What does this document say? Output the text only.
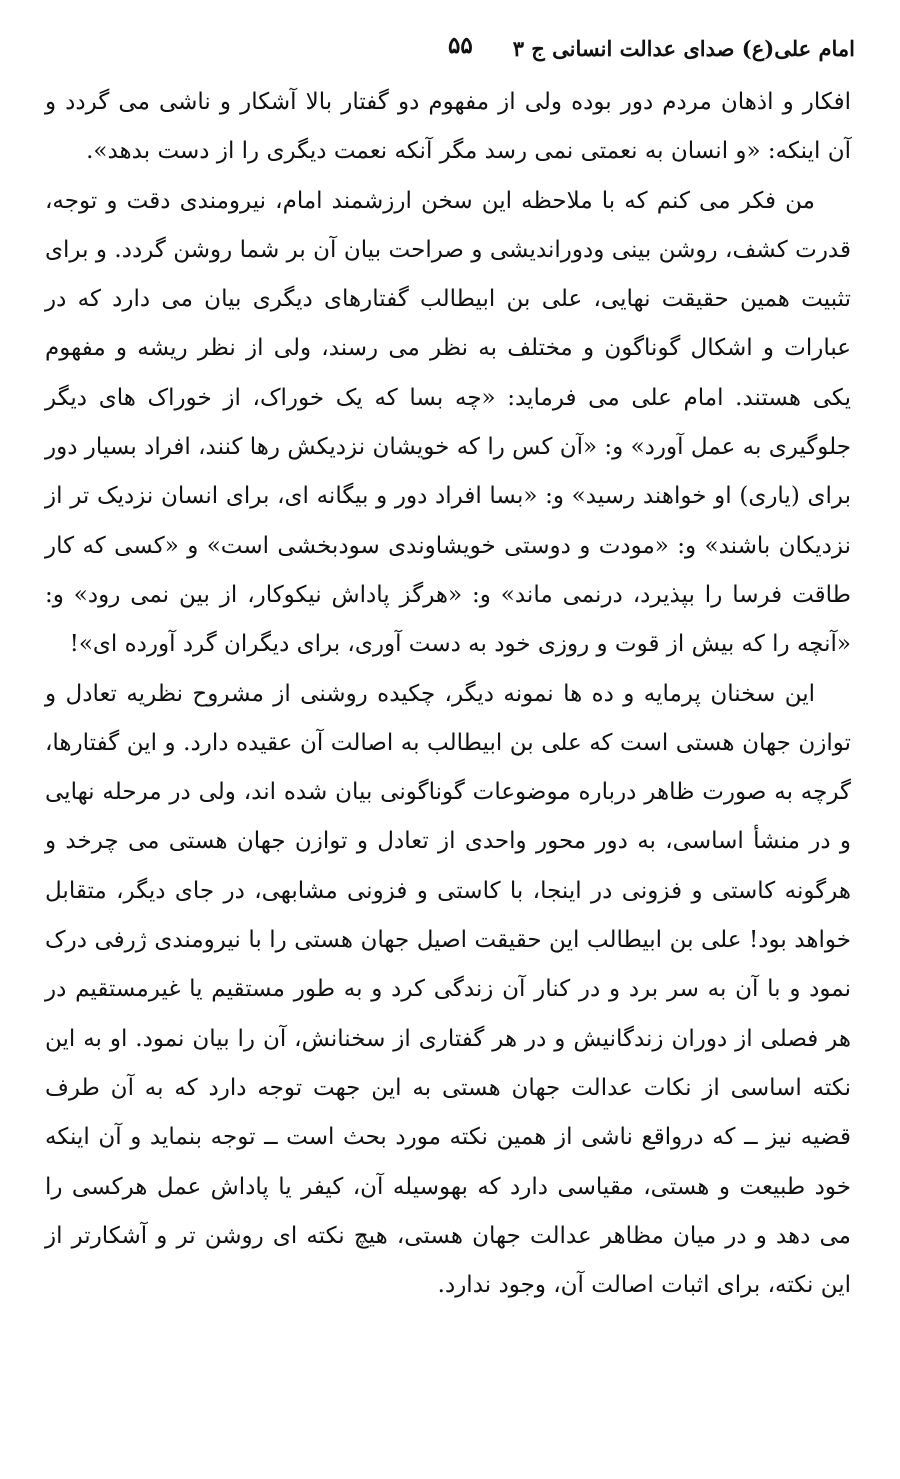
امام علی(ع) صدای عدالت انسانی ج ۳
۵۵

افکار و اذهان مردم دور بوده ولی از مفهوم دو گفتار بالا آشکار و ناشی می گردد و آن اینکه: «و انسان به نعمتی نمی رسد مگر آنکه نعمت دیگری را از دست بدهد».

من فکر می کنم که با ملاحظه این سخن ارزشمند امام، نیرومندی دقت و توجه، قدرت کشف، روشن بینی ودوراندیشی و صراحت بیان آن بر شما روشن گردد. و برای تثبیت همین حقیقت نهایی، علی بن ابیطالب گفتارهای دیگری بیان می دارد که در عبارات و اشکال گوناگون و مختلف به نظر می رسند، ولی از نظر ریشه و مفهوم یکی هستند. امام علی می فرماید: «چه بسا که یک خوراک، از خوراک های دیگر جلوگیری به عمل آورد» و: «آن کس را که خویشان نزدیکش رها کنند، افراد بسیار دور برای (یاری) او خواهند رسید» و: «بسا افراد دور و بیگانه ای، برای انسان نزدیک تر از نزدیکان باشند» و: «مودت و دوستی خویشاوندی سودبخشی است» و «کسی که کار طاقت فرسا را بپذیرد، درنمی ماند» و: «هرگز پاداش نیکوکار، از بین نمی رود» و: «آنچه را که بیش از قوت و روزی خود به دست آوری، برای دیگران گرد آورده ای»!

این سخنان پرمایه و ده ها نمونه دیگر، چکیده روشنی از مشروح نظریه تعادل و توازن جهان هستی است که علی بن ابیطالب به اصالت آن عقیده دارد. و این گفتارها، گرچه به صورت ظاهر درباره موضوعات گوناگونی بیان شده اند، ولی در مرحله نهایی و در منشأ اساسی، به دور محور واحدی از تعادل و توازن جهان هستی می چرخد و هرگونه کاستی و فزونی در اینجا، با کاستی و فزونی مشابهی، در جای دیگر، متقابل خواهد بود! علی بن ابیطالب این حقیقت اصیل جهان هستی را با نیرومندی ژرفی درک نمود و با آن به سر برد و در کنار آن زندگی کرد و به طور مستقیم یا غیرمستقیم در هر فصلی از دوران زندگانیش و در هر گفتاری از سخنانش، آن را بیان نمود. او به این نکته اساسی از نکات عدالت جهان هستی به این جهت توجه دارد که به آن طرف قضیه نیز ــ که درواقع ناشی از همین نکته مورد بحث است ــ توجه بنماید و آن اینکه خود طبیعت و هستی، مقیاسی دارد که بهوسیله آن، کیفر یا پاداش عمل هرکسی را می دهد و در میان مظاهر عدالت جهان هستی، هیچ نکته ای روشن تر و آشکارتر از این نکته، برای اثبات اصالت آن، وجود ندارد.
